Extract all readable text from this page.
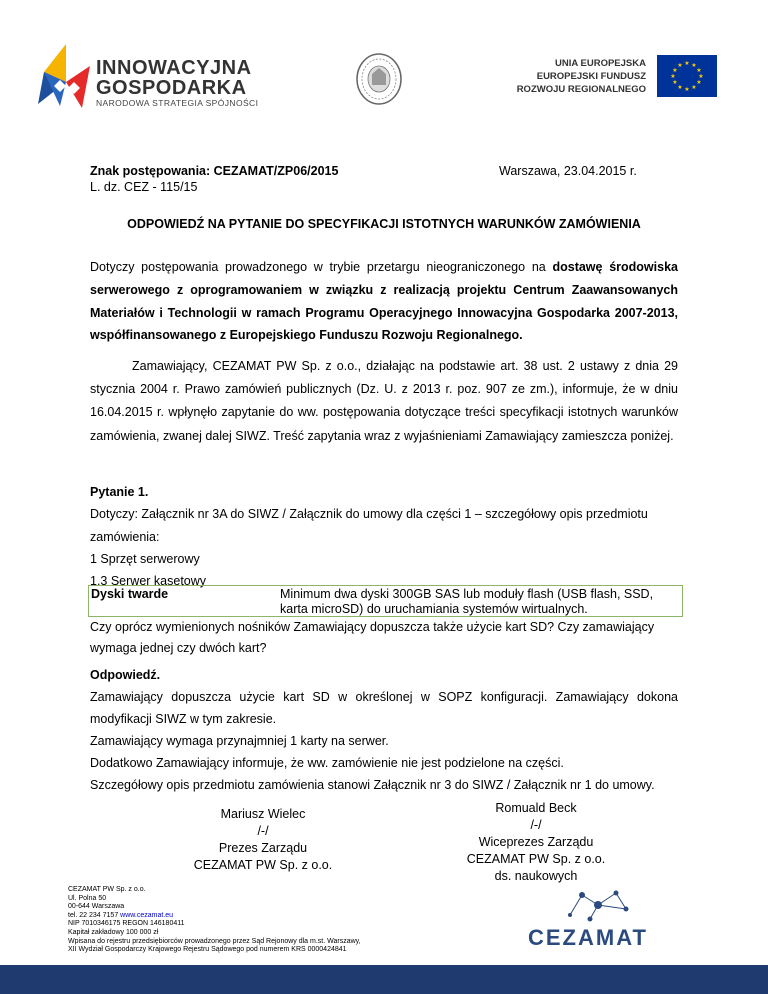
INNOWACYJNA
GOSPODARKA
NARODOWA STRATEGIA SPÓJNOŚCI
UNIA EUROPEJSKA
EUROPEJSKI FUNDUSZ
ROZWOJU REGIONALNEGO
★ ★
★
★
★
★
★
★
★
★
★
★
Znak postępowania: CEZAMAT/ZP06/2015
L. dz. CEZ - 115/15
Warszawa, 23.04.2015 r.
ODPOWIEDŹ NA PYTANIE DO SPECYFIKACJI ISTOTNYCH WARUNKÓW ZAMÓWIENIA
Dotyczy postępowania prowadzonego w trybie przetargu nieograniczonego na dostawę środowiska serwerowego z oprogramowaniem w związku z realizacją projektu Centrum Zaawansowanych Materiałów i Technologii w ramach Programu Operacyjnego Innowacyjna Gospodarka 2007-2013, współfinansowanego z Europejskiego Funduszu Rozwoju Regionalnego.
Zamawiający, CEZAMAT PW Sp. z o.o., działając na podstawie art. 38 ust. 2 ustawy z dnia 29 stycznia 2004 r. Prawo zamówień publicznych (Dz. U. z 2013 r. poz. 907 ze zm.), informuje, że w dniu 16.04.2015 r. wpłynęło zapytanie do ww. postępowania dotyczące treści specyfikacji istotnych warunków zamówienia, zwanej dalej SIWZ. Treść zapytania wraz z wyjaśnieniami Zamawiający zamieszcza poniżej.
Pytanie 1.
Dotyczy: Załącznik nr 3A do SIWZ / Załącznik do umowy dla części 1 – szczegółowy opis przedmiotu
zamówienia:
1 Sprzęt serwerowy
1.3 Serwer kasetowy
Dyski twarde	Minimum dwa dyski 300GB SAS lub moduły flash (USB flash, SSD, karta microSD) do uruchamiania systemów wirtualnych.
Czy oprócz wymienionych nośników Zamawiający dopuszcza także użycie kart SD? Czy zamawiający
wymaga jednej czy dwóch kart?
Odpowiedź.
Zamawiający dopuszcza użycie kart SD w określonej w SOPZ konfiguracji. Zamawiający dokona
modyfikacji SIWZ w tym zakresie.
Zamawiający wymaga przynajmniej 1 karty na serwer.
Dodatkowo Zamawiający informuje, że ww. zamówienie nie jest podzielone na części.
Szczegółowy opis przedmiotu zamówienia stanowi Załącznik nr 3 do SIWZ / Załącznik nr 1 do umowy.
Mariusz Wielec
/-/
Prezes Zarządu
CEZAMAT PW Sp. z o.o.
Romuald Beck
/-/
Wiceprezes Zarządu
CEZAMAT PW Sp. z o.o.
ds. naukowych
CEZAMAT PW Sp. z o.o.
Ul. Polna 50
00-644 Warszawa
tel. 22 234 7157 www.cezamat.eu
NIP 7010346175 REGON 146180411
Kapitał zakładowy 100 000 zł
Wpisana do rejestru przedsiębiorców prowadzonego przez Sąd Rejonowy dla m.st. Warszawy,
XII Wydział Gospodarczy Krajowego Rejestru Sądowego pod numerem KRS 0000424841	CEZAMAT
